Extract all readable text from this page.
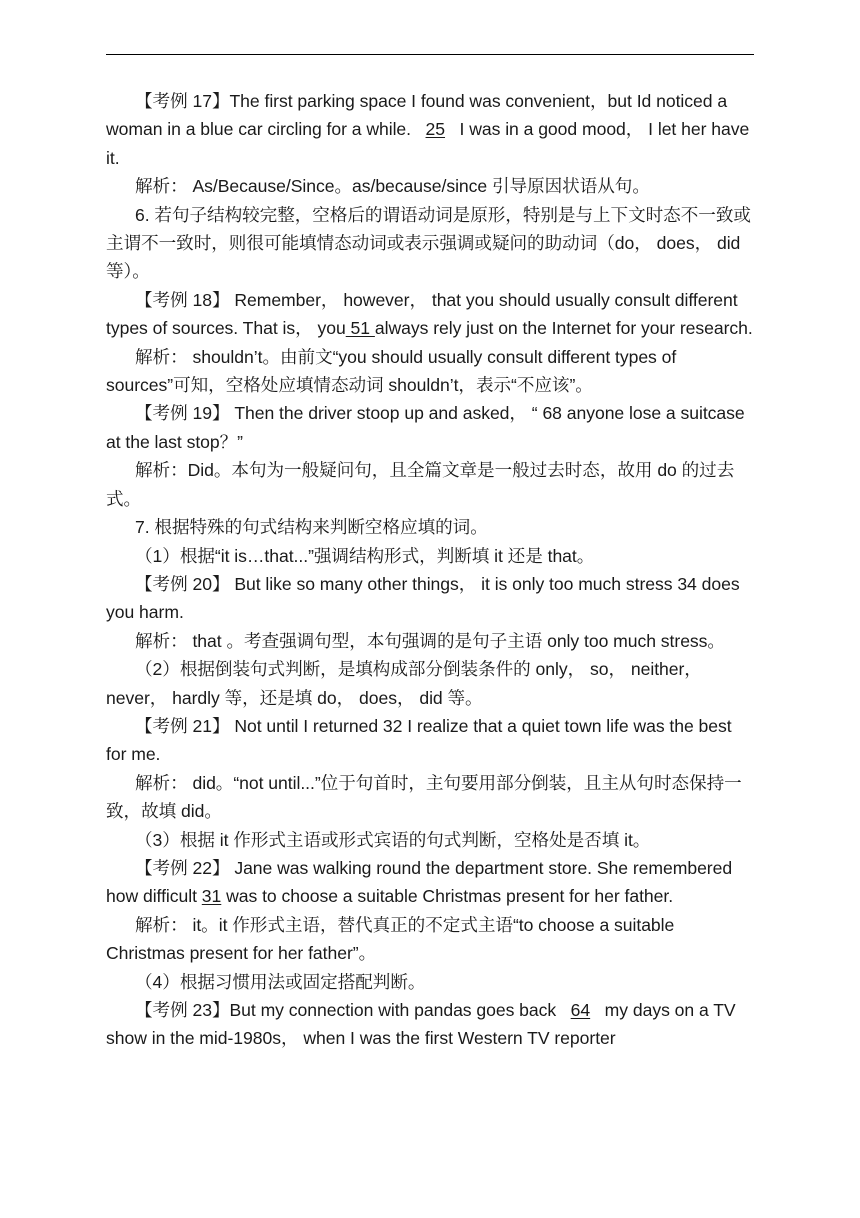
【考例 17】The first parking space I found was convenient，but Id noticed a woman in a blue car circling for a while.   25   I was in a good mood， I let her have it.

解析： As/Because/Since。as/because/since 引导原因状语从句。

6. 若句子结构较完整，空格后的谓语动词是原形，特别是与上下文时态不一致或主谓不一致时，则很可能填情态动词或表示强调或疑问的助动词（do， does， did 等）。

【考例 18】 Remember， however， that you should usually consult different types of sources. That is， you 51 always rely just on the Internet for your research.

解析： shouldn’t。由前文“you should usually consult different types of sources”可知，空格处应填情态动词 shouldn’t，表示“不应该”。

【考例 19】 Then the driver stoop up and asked， “ 68 anyone lose a suitcase at the last stop？”

解析：Did。本句为一般疑问句，且全篇文章是一般过去时态，故用 do 的过去式。

7. 根据特殊的句式结构来判断空格应填的词。

（1）根据“it is…that...”强调结构形式，判断填 it 还是 that。

【考例 20】 But like so many other things， it is only too much stress 34 does you harm.

解析： that 。考查强调句型，本句强调的是句子主语 only too much stress。

（2）根据倒装句式判断，是填构成部分倒装条件的 only， so， neither， never， hardly 等，还是填 do， does， did 等。

【考例 21】 Not until I returned 32 I realize that a quiet town life was the best for me.

解析： did。“not until...”位于句首时，主句要用部分倒装，且主从句时态保持一致，故填 did。

（3）根据 it 作形式主语或形式宾语的句式判断，空格处是否填 it。

【考例 22】 Jane was walking round the department store. She remembered how difficult 31 was to choose a suitable Christmas present for her father.

解析： it。it 作形式主语，替代真正的不定式主语“to choose a suitable Christmas present for her father”。

（4）根据习惯用法或固定搭配判断。

【考例 23】But my connection with pandas goes back   64   my days on a TV show in the mid-1980s， when I was the first Western TV reporter
